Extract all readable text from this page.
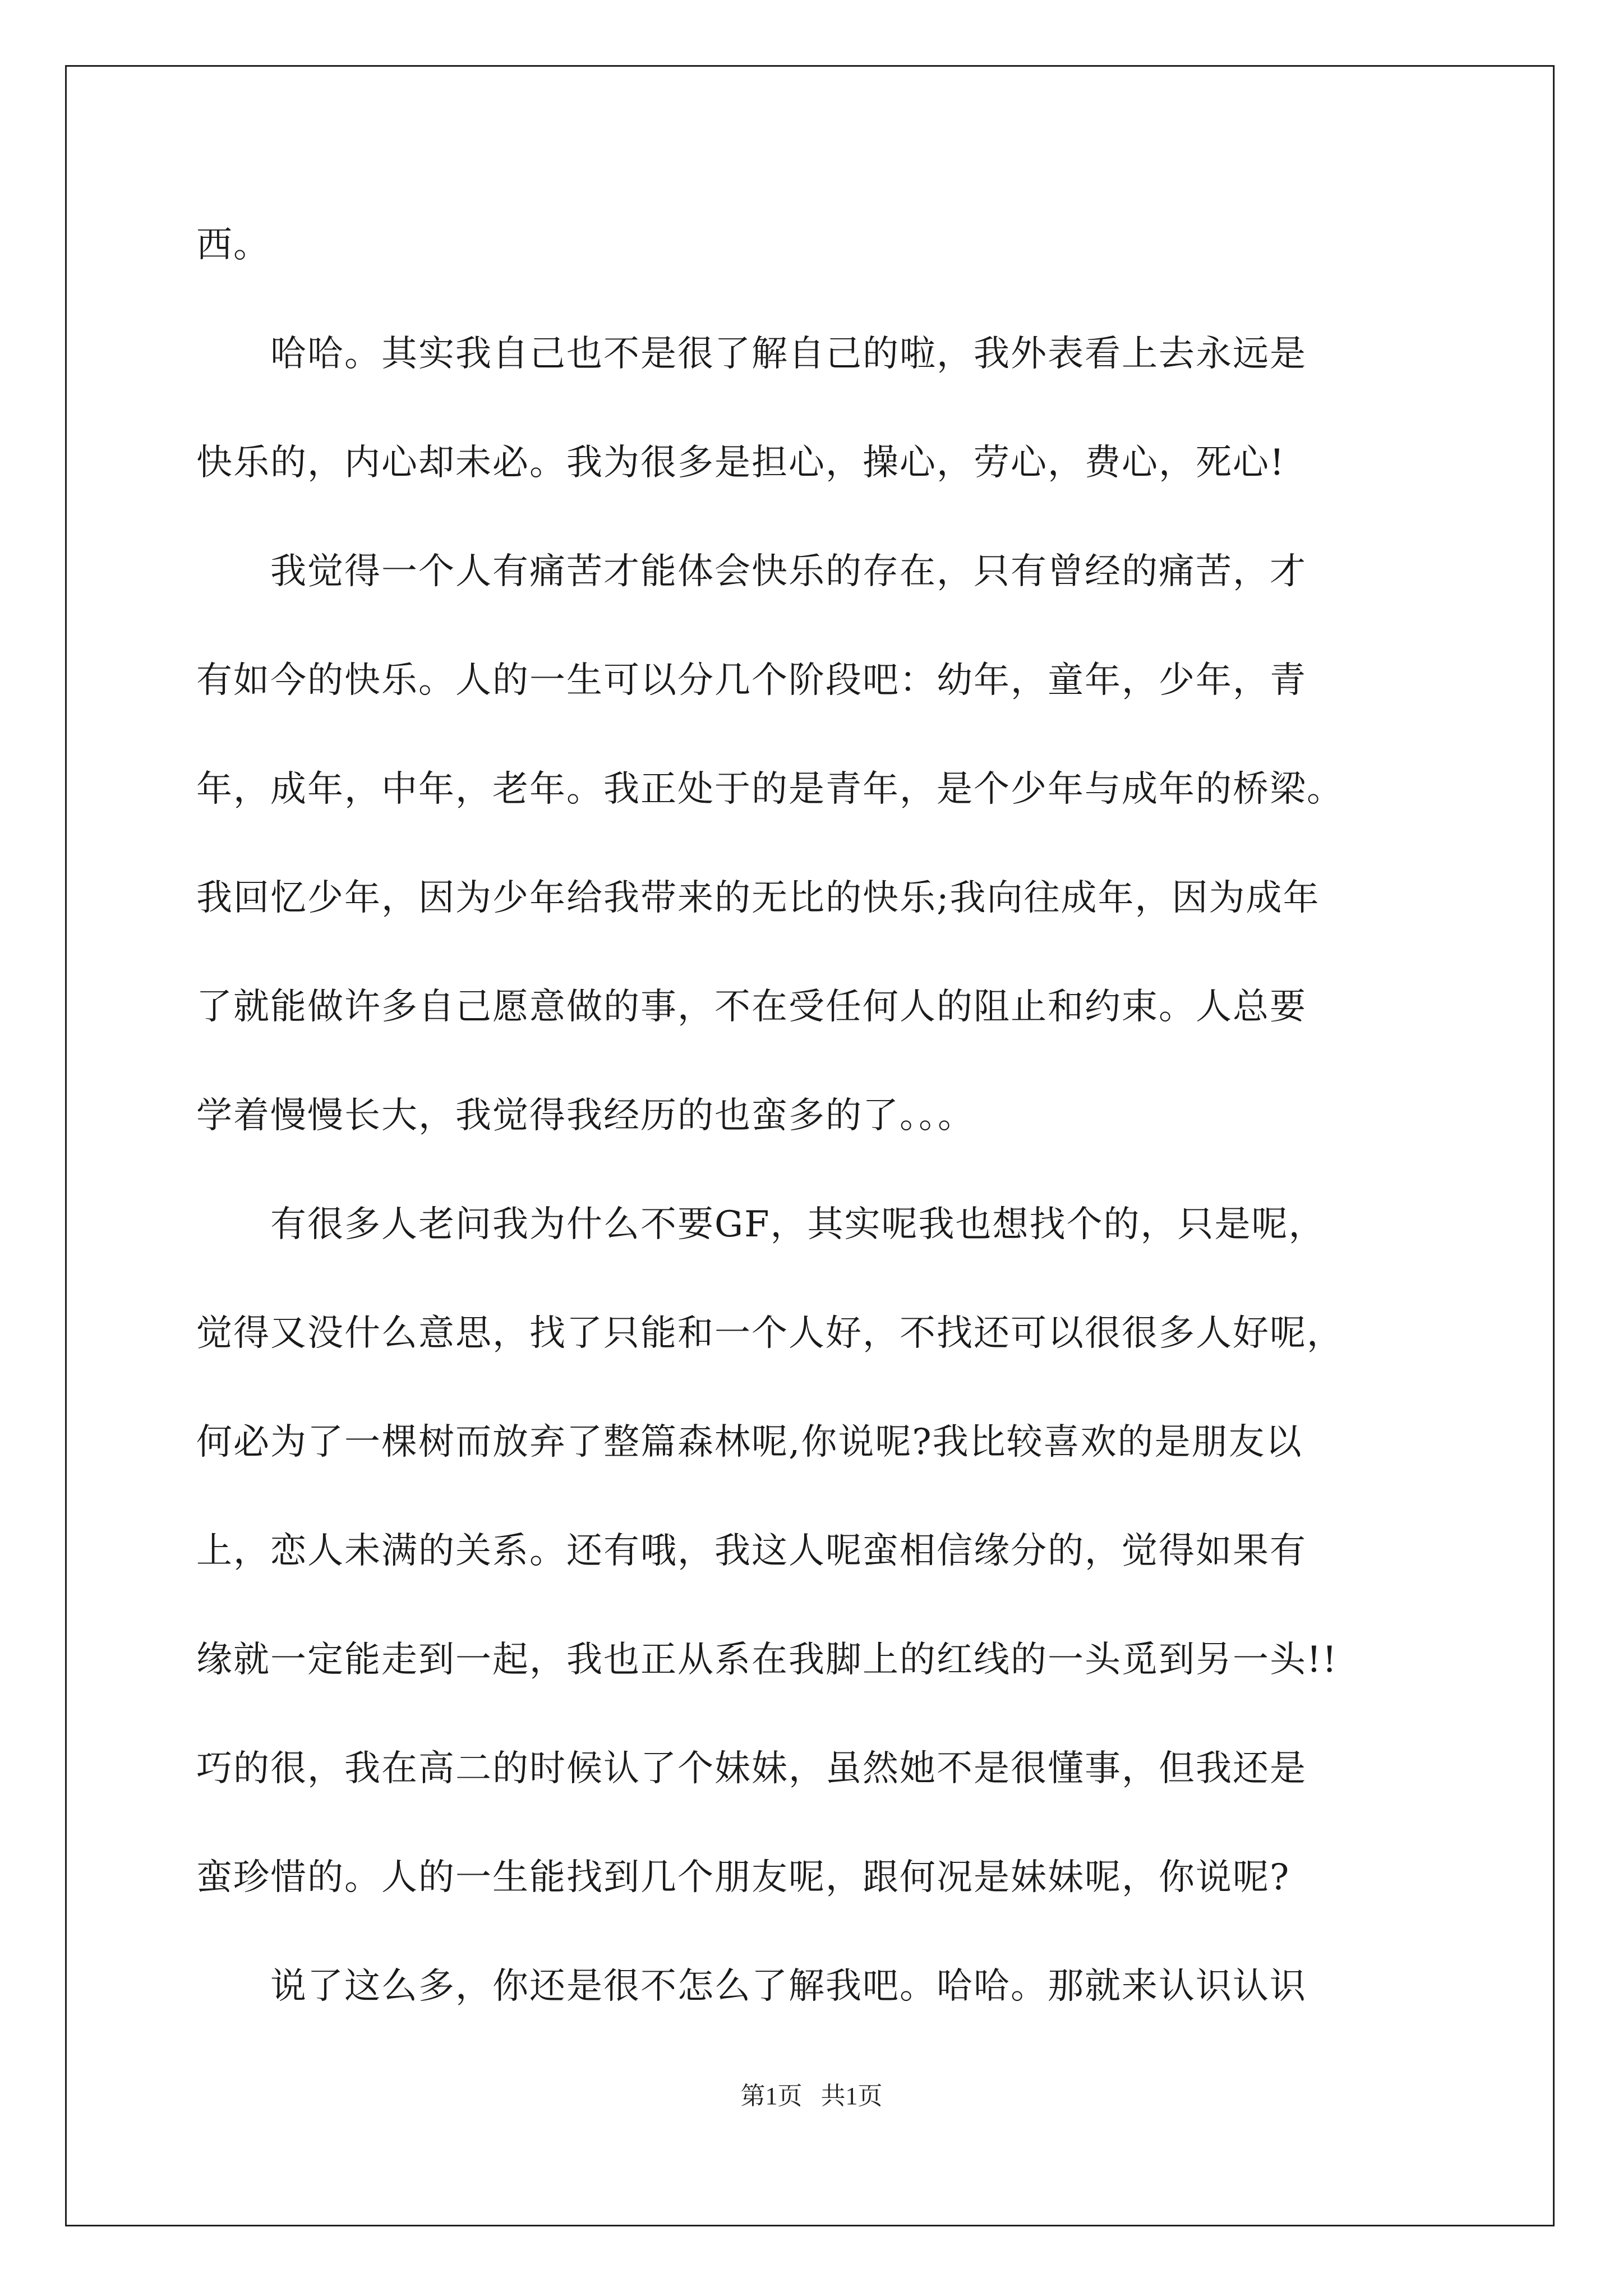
西。
　　哈哈。其实我自己也不是很了解自己的啦，我外表看上去永远是
快乐的，内心却未必。我为很多是担心，操心，劳心，费心，死心!
　　我觉得一个人有痛苦才能体会快乐的存在，只有曾经的痛苦，才
有如今的快乐。人的一生可以分几个阶段吧：幼年，童年，少年，青
年，成年，中年，老年。我正处于的是青年，是个少年与成年的桥梁。
我回忆少年，因为少年给我带来的无比的快乐;我向往成年，因为成年
了就能做许多自己愿意做的事，不在受任何人的阻止和约束。人总要
学着慢慢长大，我觉得我经历的也蛮多的了。。。
　　有很多人老问我为什么不要GF，其实呢我也想找个的，只是呢，
觉得又没什么意思，找了只能和一个人好，不找还可以很很多人好呢，
何必为了一棵树而放弃了整篇森林呢,你说呢?我比较喜欢的是朋友以
上，恋人未满的关系。还有哦，我这人呢蛮相信缘分的，觉得如果有
缘就一定能走到一起，我也正从系在我脚上的红线的一头觅到另一头!!
巧的很，我在高二的时候认了个妹妹，虽然她不是很懂事，但我还是
蛮珍惜的。人的一生能找到几个朋友呢，跟何况是妹妹呢，你说呢?
　　说了这么多，你还是很不怎么了解我吧。哈哈。那就来认识认识
第1页   共1页
